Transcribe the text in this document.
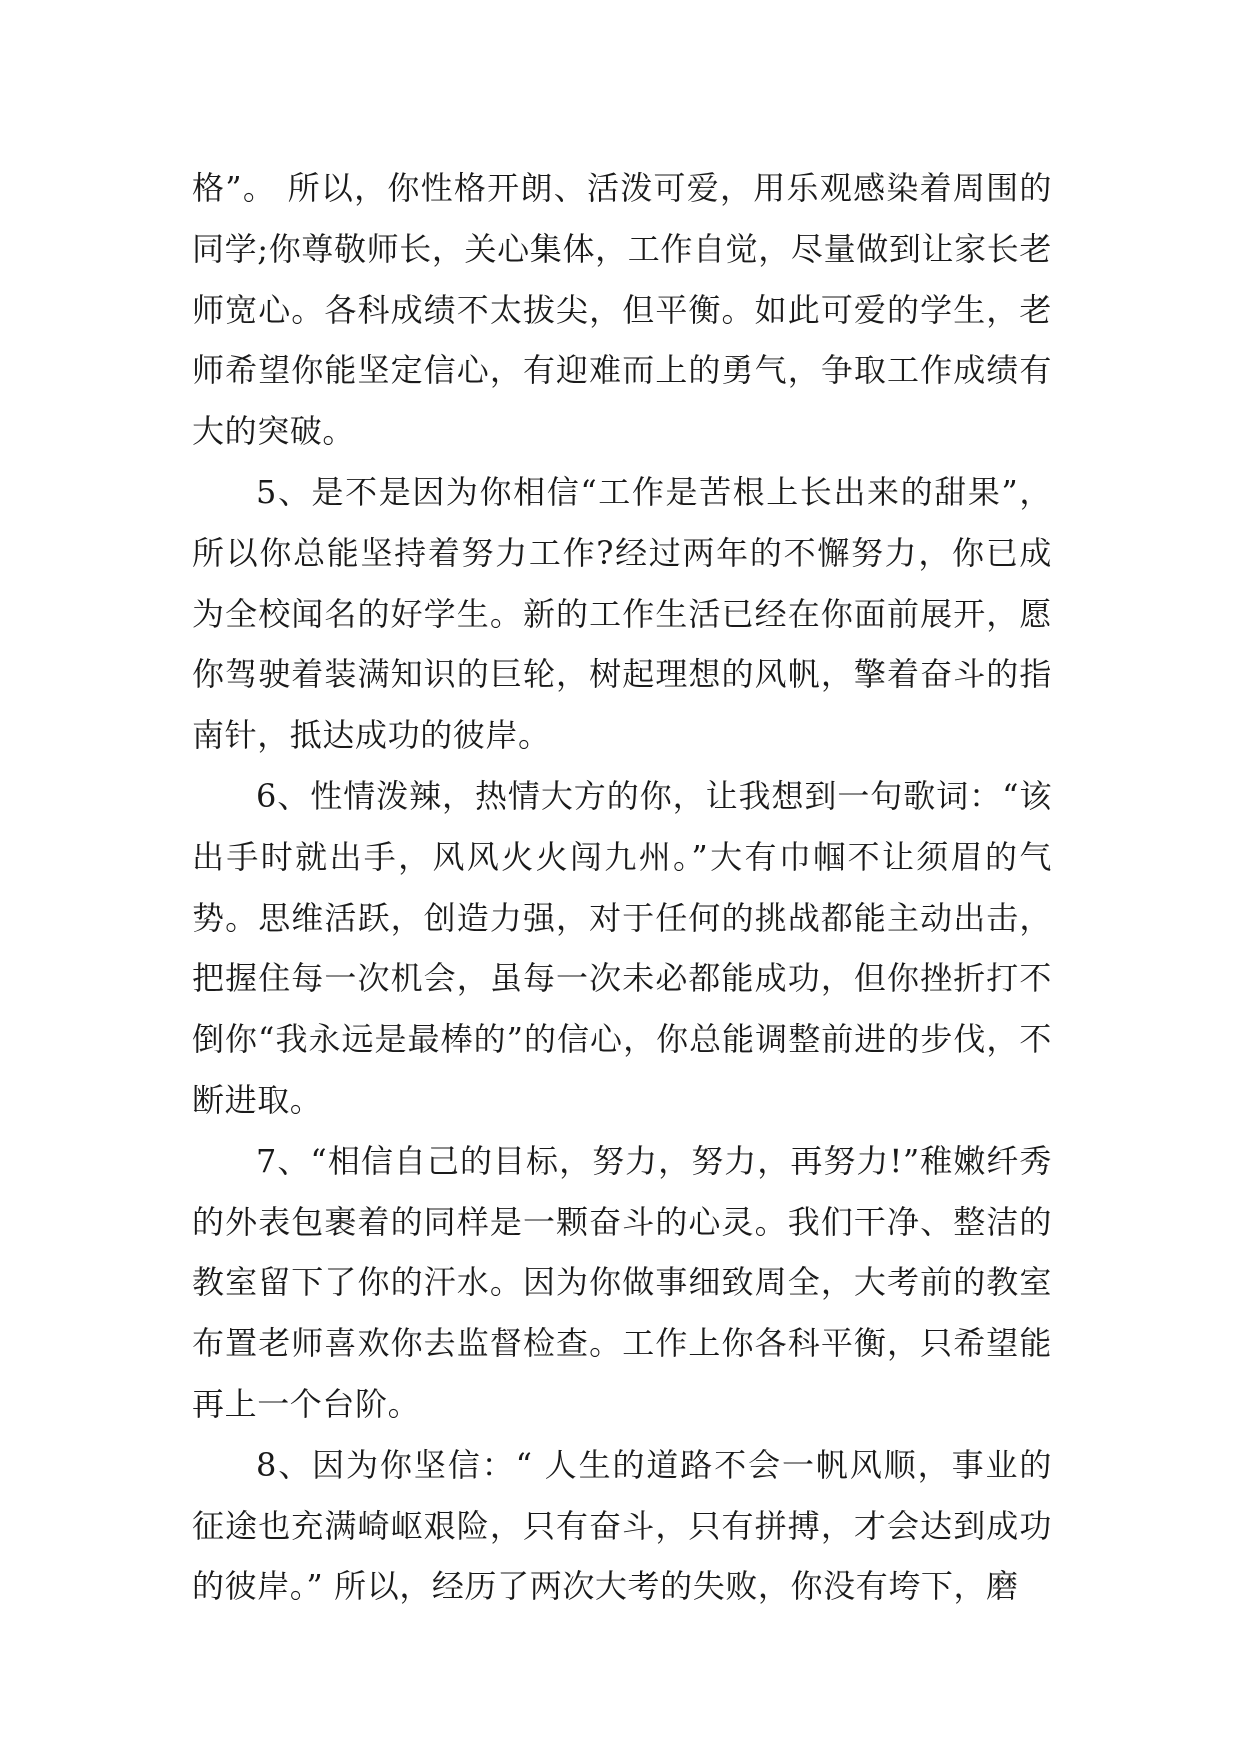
格”。 所以，你性格开朗、活泼可爱，用乐观感染着周围的同学;你尊敬师长，关心集体，工作自觉，尽量做到让家长老师宽心。各科成绩不太拔尖，但平衡。如此可爱的学生，老师希望你能坚定信心，有迎难而上的勇气，争取工作成绩有大的突破。

5、是不是因为你相信“工作是苦根上长出来的甜果”，所以你总能坚持着努力工作?经过两年的不懈努力，你已成为全校闻名的好学生。新的工作生活已经在你面前展开，愿你驾驶着装满知识的巨轮，树起理想的风帆，擎着奋斗的指南针，抵达成功的彼岸。

6、性情泼辣，热情大方的你，让我想到一句歌词：“该出手时就出手，风风火火闯九州。”大有巾帼不让须眉的气势。思维活跃，创造力强，对于任何的挑战都能主动出击，把握住每一次机会，虽每一次未必都能成功，但你挫折打不倒你“我永远是最棒的”的信心，你总能调整前进的步伐，不断进取。

7、“相信自己的目标，努力，努力，再努力!”稚嫩纤秀的外表包裹着的同样是一颗奋斗的心灵。我们干净、整洁的教室留下了你的汗水。因为你做事细致周全，大考前的教室布置老师喜欢你去监督检查。工作上你各科平衡，只希望能再上一个台阶。

8、因为你坚信：“ 人生的道路不会一帆风顺，事业的征途也充满崎岖艰险，只有奋斗，只有拼搏，才会达到成功的彼岸。” 所以，经历了两次大考的失败，你没有垮下，磨
